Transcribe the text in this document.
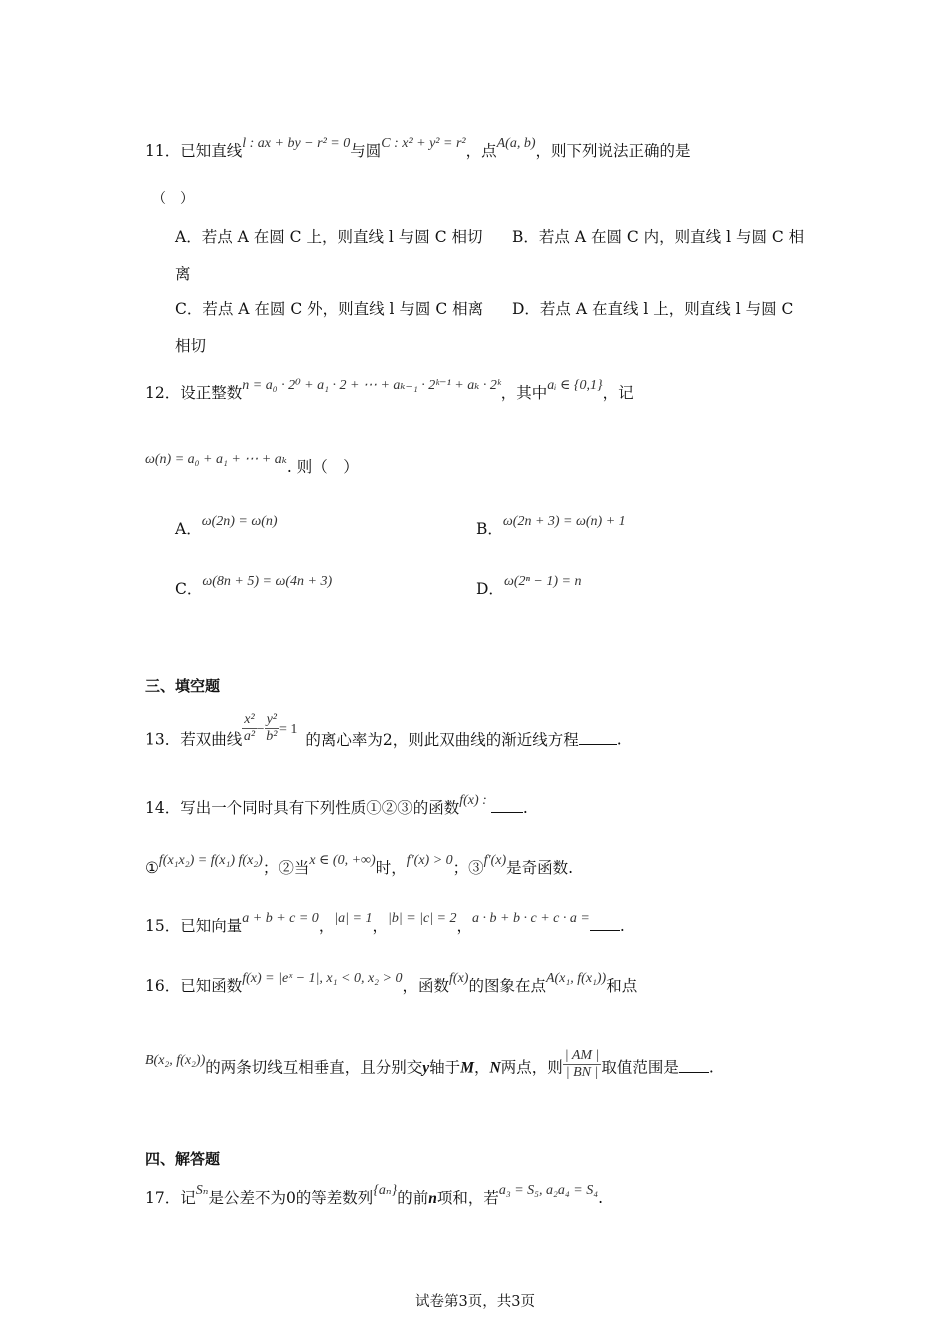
11．已知直线l : ax + by − r² = 0与圆C : x² + y² = r²，点A(a, b)，则下列说法正确的是
（　）
A．若点 A 在圆 C 上，则直线 l 与圆 C 相切 B．若点 A 在圆 C 内，则直线 l 与圆 C 相
离
C．若点 A 在圆 C 外，则直线 l 与圆 C 相离 D．若点 A 在直线 l 上，则直线 l 与圆 C
相切
12．设正整数n = a₀ · 2⁰ + a₁ · 2 + ⋯ + aₖ₋₁ · 2ᵏ⁻¹ + aₖ · 2ᵏ，其中aᵢ ∈ {0,1}，记
ω(n) = a₀ + a₁ + ⋯ + aₖ. 则（　）
A．ω(2n) = ω(n)	B．ω(2n + 3) = ω(n) + 1
C．ω(8n + 5) = ω(4n + 3)	D．ω(2ⁿ − 1) = n
三、填空题
13．若双曲线 $\frac{\text{x²}}{\text{a²}} - \frac{\text{y²}}{\text{b²}} = 1$的离心率为2，则此双曲线的渐近线方程 .
14．写出一个同时具有下列性质①②③的函数f(x) : .
①f(x₁x₂) = f(x₁) f(x₂)；②当x ∈ (0, +∞)时，f′(x) > 0；③f′(x)是奇函数.
15．已知向量a + b + c = 0，|a| = 1，|b| = |c| = 2，a · b + b · c + c · a = .
16．已知函数f(x) = |eˣ − 1|, x₁ < 0, x₂ > 0，函数f(x)的图象在点A(x₁, f(x₁))和点
B(x₂, f(x₂))的两条切线互相垂直，且分别交y轴于M，N两点，则 $\frac{| AM |}{| BN |}$ 取值范围是 .
四、解答题
17．记Sₙ是公差不为0的等差数列{aₙ}的前n项和，若a₃ = S₅, a₂a₄ = S₄.
试卷第3页，共3页
